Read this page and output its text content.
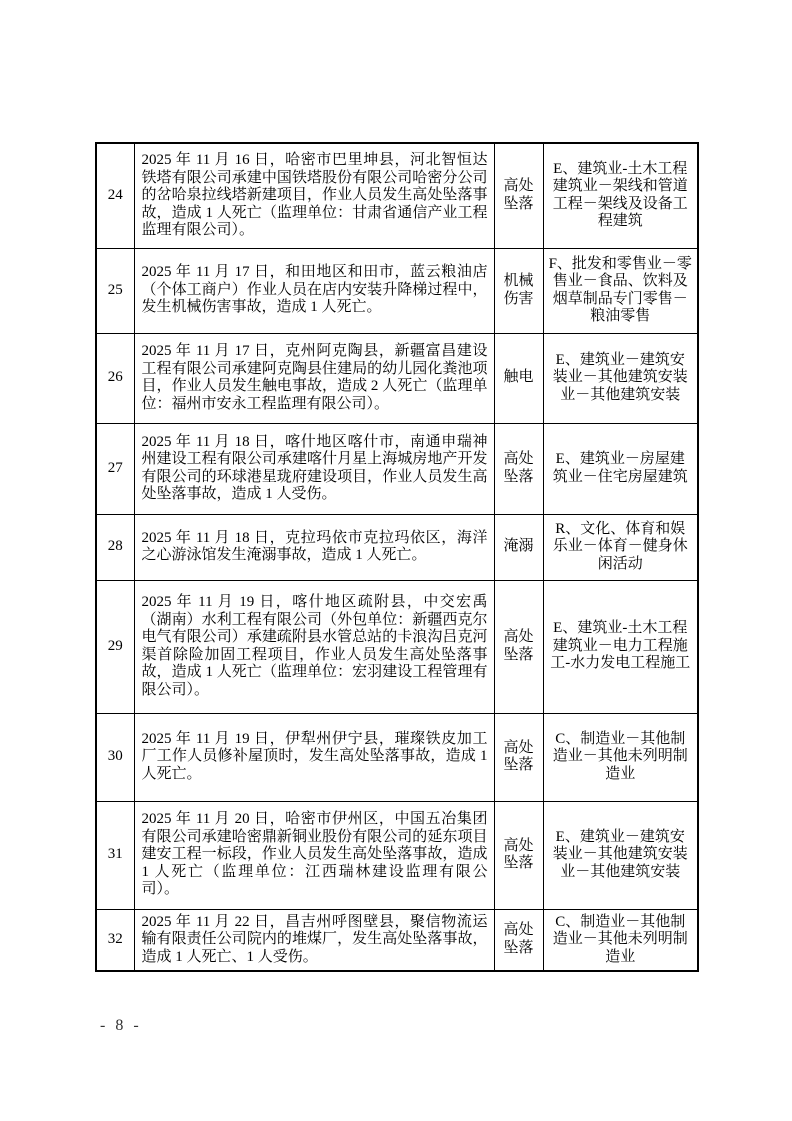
24	2025 年 11 月 16 日，哈密市巴里坤县，河北智恒达铁塔有限公司承建中国铁塔股份有限公司哈密分公司的岔哈泉拉线塔新建项目，作业人员发生高处坠落事故，造成 1 人死亡（监理单位：甘肃省通信产业工程监理有限公司）。	高处坠落	E、建筑业-土木工程建筑业－架线和管道工程－架线及设备工程建筑
25	2025 年 11 月 17 日，和田地区和田市，蓝云粮油店（个体工商户）作业人员在店内安装升降梯过程中，发生机械伤害事故，造成 1 人死亡。	机械伤害	F、批发和零售业－零售业－食品、饮料及烟草制品专门零售－粮油零售
26	2025 年 11 月 17 日，克州阿克陶县，新疆富昌建设工程有限公司承建阿克陶县住建局的幼儿园化粪池项目，作业人员发生触电事故，造成 2 人死亡（监理单位：福州市安永工程监理有限公司）。	触电	E、建筑业－建筑安装业－其他建筑安装业－其他建筑安装
27	2025 年 11 月 18 日，喀什地区喀什市，南通申瑞神州建设工程有限公司承建喀什月星上海城房地产开发有限公司的环球港星珑府建设项目，作业人员发生高处坠落事故，造成 1 人受伤。	高处坠落	E、建筑业－房屋建筑业－住宅房屋建筑
28	2025 年 11 月 18 日，克拉玛依市克拉玛依区，海洋之心游泳馆发生淹溺事故，造成 1 人死亡。	淹溺	R、文化、体育和娱乐业－体育－健身休闲活动
29	2025 年 11 月 19 日，喀什地区疏附县，中交宏禹（湖南）水利工程有限公司（外包单位：新疆西克尔电气有限公司）承建疏附县水管总站的卡浪沟吕克河渠首除险加固工程项目，作业人员发生高处坠落事故，造成 1 人死亡（监理单位：宏羽建设工程管理有限公司）。	高处坠落	E、建筑业-土木工程建筑业－电力工程施工-水力发电工程施工
30	2025 年 11 月 19 日，伊犁州伊宁县，璀璨铁皮加工厂工作人员修补屋顶时，发生高处坠落事故，造成 1 人死亡。	高处坠落	C、制造业－其他制造业－其他未列明制造业
31	2025 年 11 月 20 日，哈密市伊州区，中国五冶集团有限公司承建哈密鼎新铜业股份有限公司的延东项目建安工程一标段，作业人员发生高处坠落事故，造成 1 人死亡（监理单位：江西瑞林建设监理有限公司）。	高处坠落	E、建筑业－建筑安装业－其他建筑安装业－其他建筑安装
32	2025 年 11 月 22 日，昌吉州呼图壁县，聚信物流运输有限责任公司院内的堆煤厂，发生高处坠落事故，造成 1 人死亡、1 人受伤。	高处坠落	C、制造业－其他制造业－其他未列明制造业
- 8 -
